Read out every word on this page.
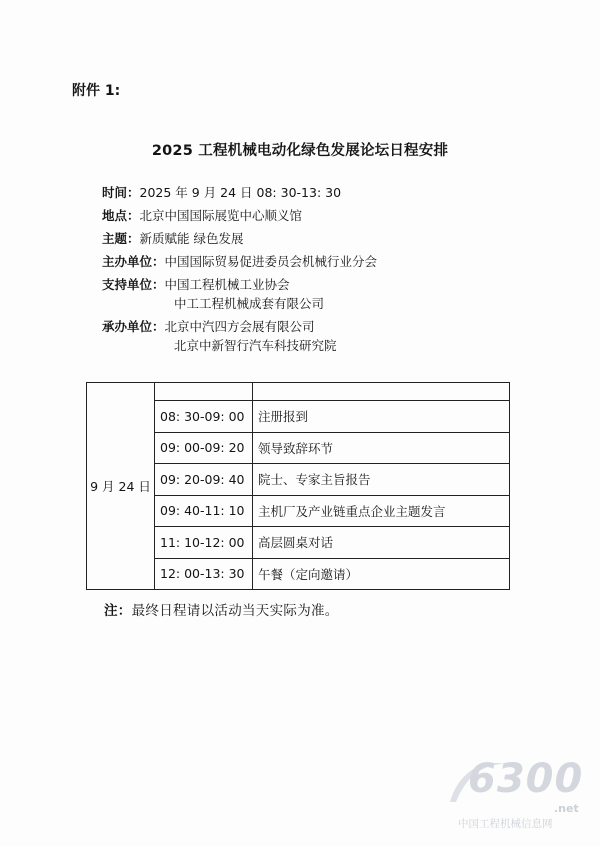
附件 1:
2025 工程机械电动化绿色发展论坛日程安排
时间：2025 年 9 月 24 日 08: 30-13: 30
地点：北京中国国际展览中心顺义馆
主题：新质赋能 绿色发展
主办单位：中国国际贸易促进委员会机械行业分会
支持单位：中国工程机械工业协会
中工工程机械成套有限公司
承办单位：北京中汽四方会展有限公司
北京中新智行汽车科技研究院
9 月 24 日		
	08: 30-09: 00	注册报到
	09: 00-09: 20	领导致辞环节
	09: 20-09: 40	院士、专家主旨报告
	09: 40-11: 10	主机厂及产业链重点企业主题发言
	11: 10-12: 00	高层圆桌对话
	12: 00-13: 30	午餐（定向邀请）
注：最终日程请以活动当天实际为准。
6300
.net
中国工程机械信息网
